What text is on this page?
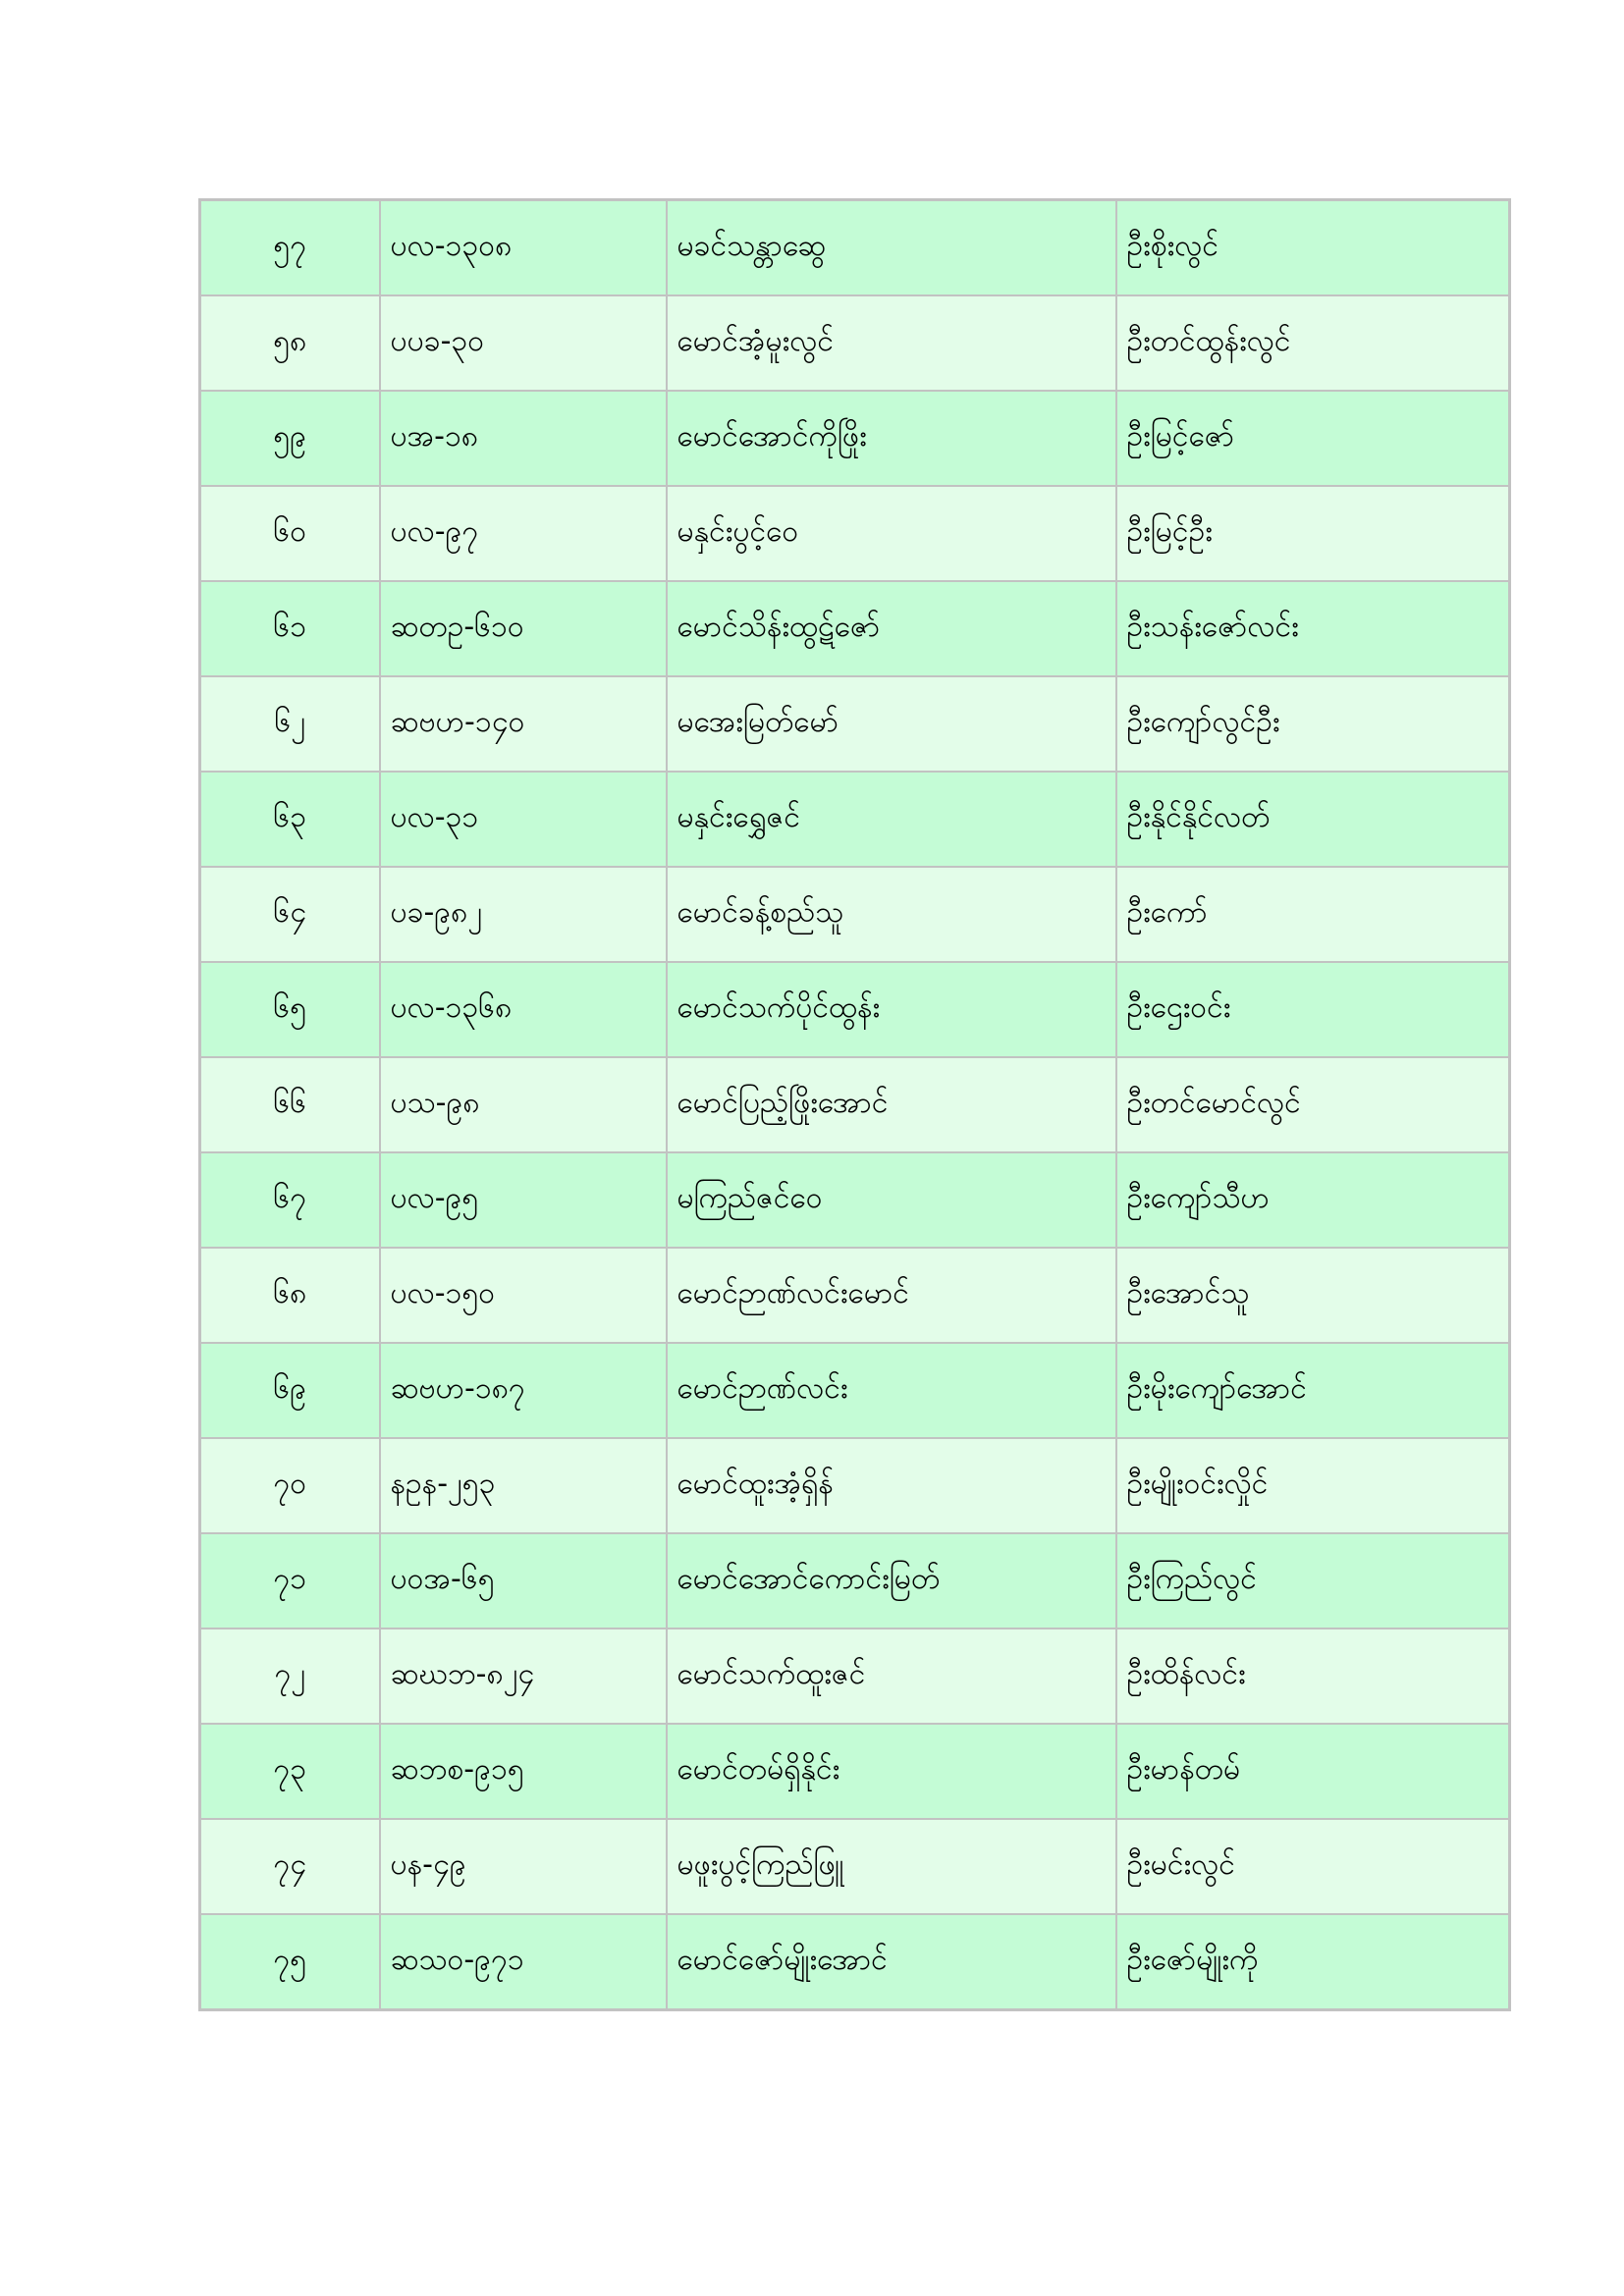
၅၇	ပလ-၁၃၀၈	မခင်သန္တာဆွေ	ဦးစိုးလွင်
၅၈	ပပခ-၃၀	မောင်အံ့မူးလွင်	ဦးတင်ထွန်းလွင်
၅၉	ပအ-၁၈	မောင်အောင်ကိုဖြိုး	ဦးမြင့်ဇော်
၆၀	ပလ-၉၇	မနှင်းပွင့်ဝေ	ဦးမြင့်ဦး
၆၁	ဆတဥ-၆၁၀	မောင်သိန်းထွဋ်ဇော်	ဦးသန်းဇော်လင်း
၆၂	ဆဗဟ-၁၄၀	မအေးမြတ်မော်	ဦးကျော်လွင်ဦး
၆၃	ပလ-၃၁	မနှင်းရွှေဇင်	ဦးနိုင်နိုင်လတ်
၆၄	ပခ-၉၈၂	မောင်ခန့်စည်သူ	ဦးကော်
၆၅	ပလ-၁၃၆၈	မောင်သက်ပိုင်ထွန်း	ဦးဌေးဝင်း
၆၆	ပသ-၉၈	မောင်ပြည့်ဖြိုးအောင်	ဦးတင်မောင်လွင်
၆၇	ပလ-၉၅	မကြည်ဇင်ဝေ	ဦးကျော်သီဟ
၆၈	ပလ-၁၅၀	မောင်ဉာဏ်လင်းမောင်	ဦးအောင်သူ
၆၉	ဆဗဟ-၁၈၇	မောင်ဉာဏ်လင်း	ဦးမိုးကျော်အောင်
၇၀	နဥန-၂၅၃	မောင်ထူးအံ့ရှိန်	ဦးမျိုးဝင်းလှိုင်
၇၁	ပ၀အ-၆၅	မောင်အောင်ကောင်းမြတ်	ဦးကြည်လွင်
၇၂	ဆဃဘ-၈၂၄	မောင်သက်ထူးဇင်	ဦးထိန်လင်း
၇၃	ဆဘစ-၉၁၅	မောင်တမ်ရှိနိုင်း	ဦးမာန်တမ်
၇၄	ပန-၄၉	မဖူးပွင့်ကြည်ဖြူ	ဦးမင်းလွင်
၇၅	ဆသဝ-၉၇၁	မောင်ဇော်မျိုးအောင်	ဦးဇော်မျိုးကို
